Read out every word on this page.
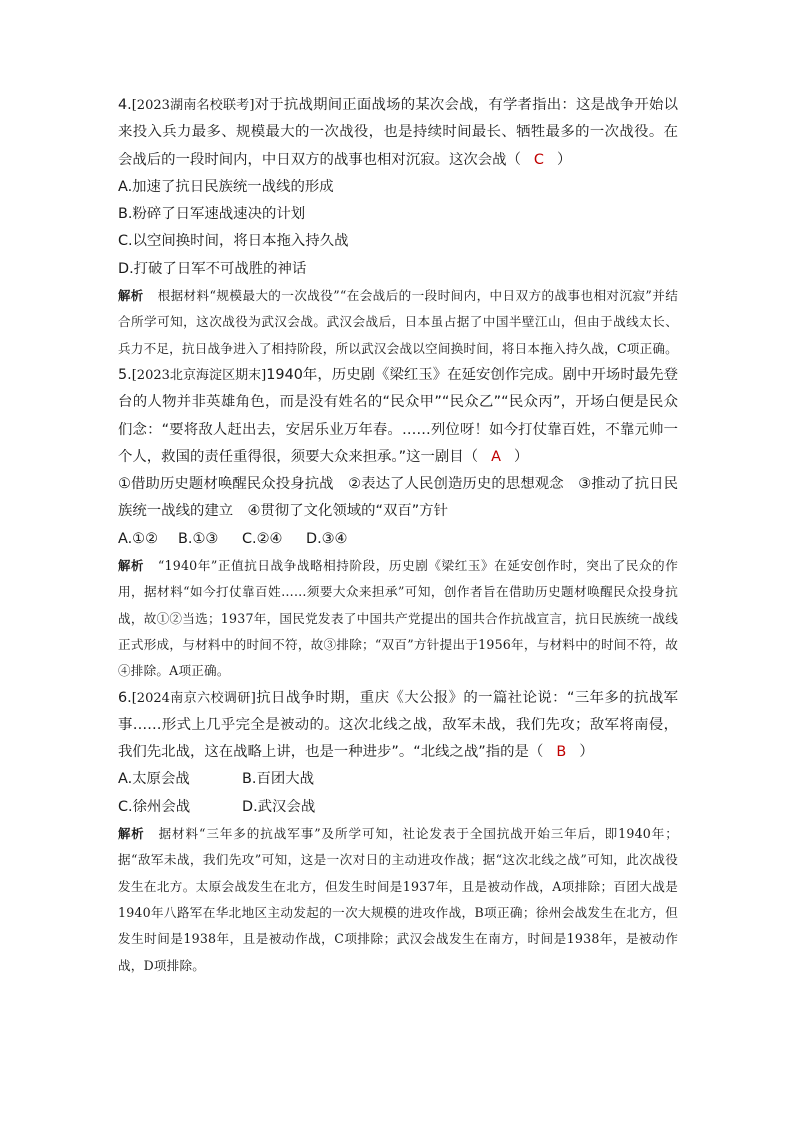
4.[2023湖南名校联考]对于抗战期间正面战场的某次会战，有学者指出：这是战争开始以来投入兵力最多、规模最大的一次战役，也是持续时间最长、牺牲最多的一次战役。在会战后的一段时间内，中日双方的战事也相对沉寂。这次会战（ C ）
A.加速了抗日民族统一战线的形成
B.粉碎了日军速战速决的计划
C.以空间换时间，将日本拖入持久战
D.打破了日军不可战胜的神话
解析 根据材料“规模最大的一次战役”“在会战后的一段时间内，中日双方的战事也相对沉寂”并结合所学可知，这次战役为武汉会战。武汉会战后，日本虽占据了中国半壁江山，但由于战线太长、兵力不足，抗日战争进入了相持阶段，所以武汉会战以空间换时间，将日本拖入持久战，C项正确。
5.[2023北京海淀区期末]1940年，历史剧《梁红玉》在延安创作完成。剧中开场时最先登台的人物并非英雄角色，而是没有姓名的“民众甲”“民众乙”“民众丙”，开场白便是民众们念：“要将敌人赶出去，安居乐业万年春。……列位呀！如今打仗靠百姓，不靠元帅一个人，救国的责任重得很，须要大众来担承。”这一剧目（ A ）
①借助历史题材唤醒民众投身抗战　②表达了人民创造历史的思想观念　③推动了抗日民族统一战线的建立　④贯彻了文化领域的“双百”方针
A.①②	B.①③	C.②④	D.③④
解析 “1940年”正值抗日战争战略相持阶段，历史剧《梁红玉》在延安创作时，突出了民众的作用，据材料“如今打仗靠百姓……须要大众来担承”可知，创作者旨在借助历史题材唤醒民众投身抗战，故①②当选；1937年，国民党发表了中国共产党提出的国共合作抗战宣言，抗日民族统一战线正式形成，与材料中的时间不符，故③排除；“双百”方针提出于1956年，与材料中的时间不符，故④排除。A项正确。
6.[2024南京六校调研]抗日战争时期，重庆《大公报》的一篇社论说：“三年多的抗战军事……形式上几乎完全是被动的。这次北线之战，敌军未战，我们先攻；敌军将南侵，我们先北战，这在战略上讲，也是一种进步”。“北线之战”指的是（ B ）
A.太原会战	B.百团大战
C.徐州会战	D.武汉会战
解析 据材料“三年多的抗战军事”及所学可知，社论发表于全国抗战开始三年后，即1940年；据“敌军未战，我们先攻”可知，这是一次对日的主动进攻作战；据“这次北线之战”可知，此次战役发生在北方。太原会战发生在北方，但发生时间是1937年，且是被动作战，A项排除；百团大战是1940年八路军在华北地区主动发起的一次大规模的进攻作战，B项正确；徐州会战发生在北方，但发生时间是1938年，且是被动作战，C项排除；武汉会战发生在南方，时间是1938年，是被动作战，D项排除。
